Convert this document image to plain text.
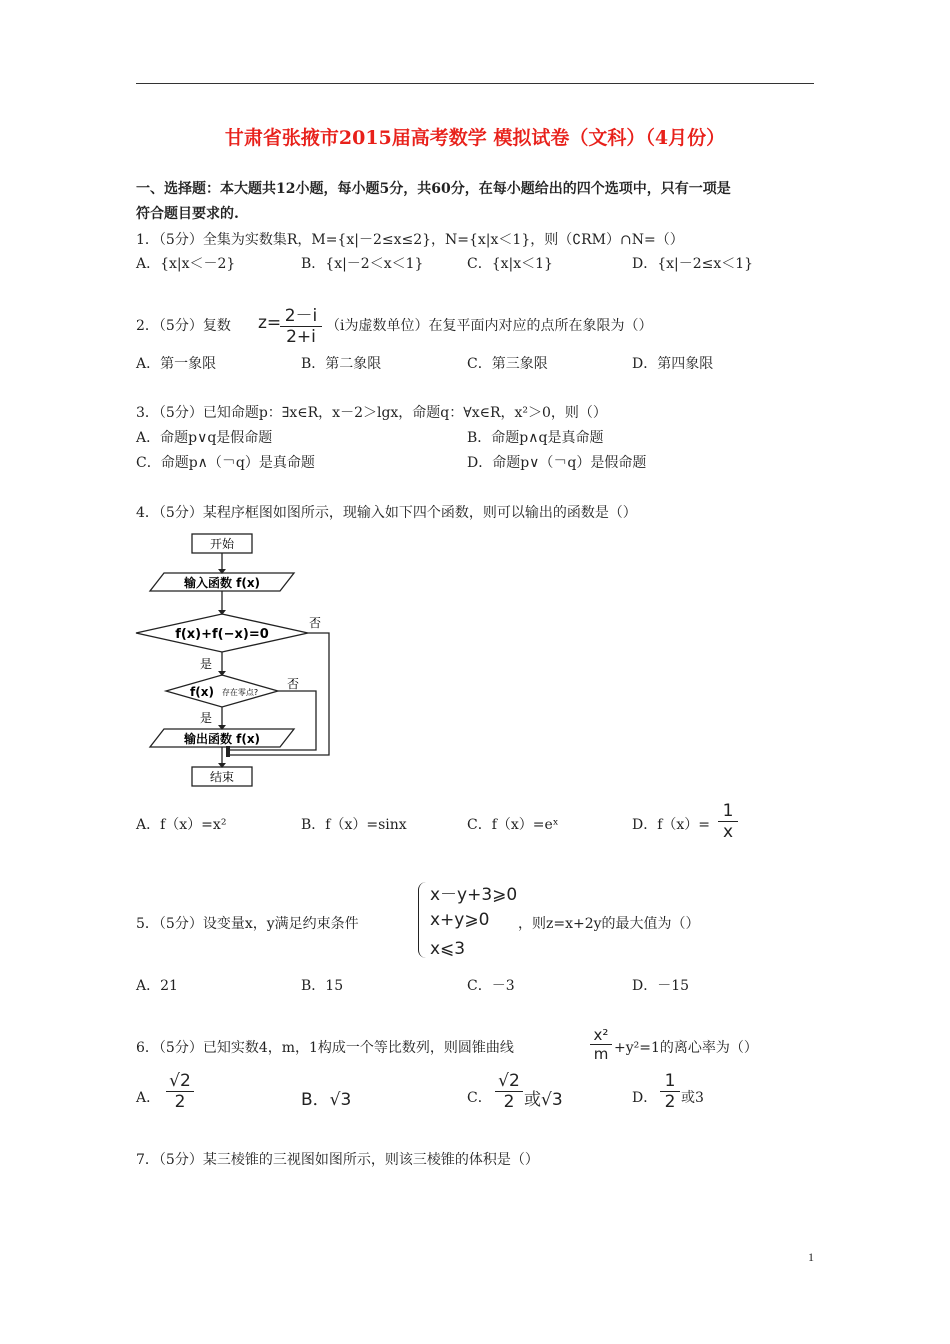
甘肃省张掖市2015届高考数学 模拟试卷（文科）（4月份）
一、选择题：本大题共12小题，每小题5分，共60分，在每小题给出的四个选项中，只有一项是
符合题目要求的.
1．（5分）全集为实数集R，M={x|－2≤x≤2}，N={x|x＜1}，则（∁RM）∩N=（）
A．{x|x＜－2}	B．{x|－2＜x＜1}	C．{x|x＜1}	D．{x|－2≤x＜1}
2．（5分）复数 z=
$\frac{2-i}{2+i} (i$为虚数单位）在复平面内对应的点所在象限为（）
A．第一象限	B．第二象限	C．第三象限	D．第四象限
3．（5分）已知命题p：∃x∈R，x－2＞lgx，命题q：∀x∈R，x²＞0，则（）
A．命题p∨q是假命题	B．命题p∧q是真命题
C．命题p∧（￢q）是真命题	D．命题p∨（￢q）是假命题
4．（5分）某程序框图如图所示，现输入如下四个函数，则可以输出的函数是（）
开始
输入函数 f(x)
f(x)+f(−x)=0
f(x) 存在零点?
输出函数 f(x)
结束
是
是
否
否
A．f（x）=x²	B．f（x）=sinx	C．f（x）=eˣ	D．$f(x)= \frac{1}{x}$
5．（5分）设变量x，y满足约束条件
x－y+3⩾0
x+y⩾0
x⩽3
，则z=x+2y的最大值为（）
A．21	B．15	C．－3	D．－15
6．（5分）已知实数4，m，1构成一个等比数列，则圆锥曲线	$\frac{\text{x²}}{m} +y^2=1$的离心率为（）
A． $\frac{√2}{2}$	B．√3	C． $\frac{√2}{2}$ 或√3	D． $\frac{1}{2}$ 或3
7．（5分）某三棱锥的三视图如图所示，则该三棱锥的体积是（）
1
